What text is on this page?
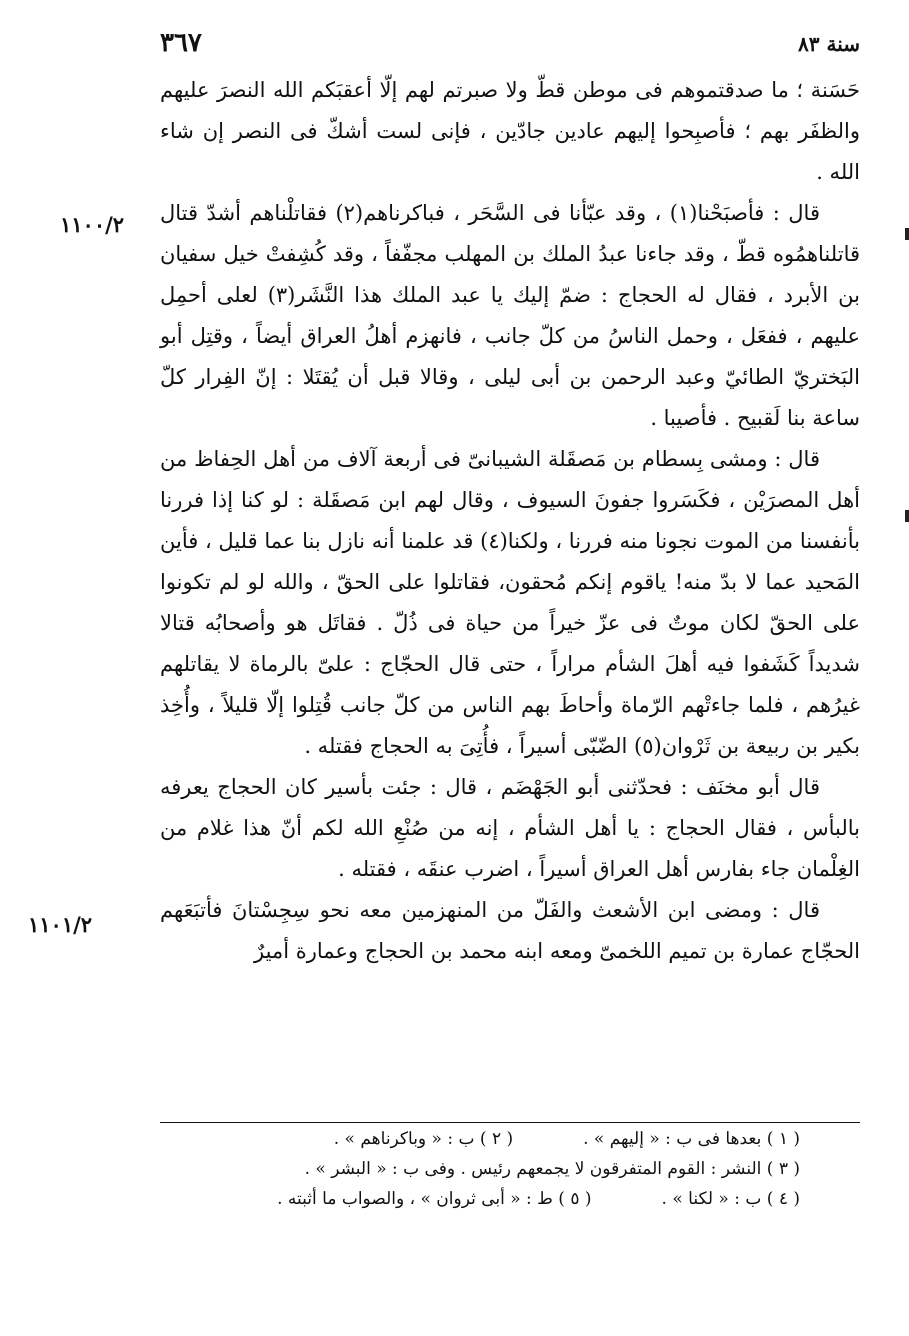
سنة ٨٣
٣٦٧
١١٠٠/٢
١١٠١/٢

حَسَنة ؛ ما صدقتموهم فى موطن قطّ ولا صبرتم لهم إلّا أعقبَكم الله النصرَ عليهم والظفَر بهم ؛ فأصبِحوا إليهم عادين جادّين ، فإنى لست أشكّ فى النصر إن شاء الله .

قال : فأصبَحْنا(١) ، وقد عبّأنا فى السَّحَر ، فباكرناهم(٢) فقاتلْناهم أشدّ قتال قاتلناهمُوه قطّ ، وقد جاءنا عبدُ الملك بن المهلب مجفّفاً ، وقد كُشِفتْ خيل سفيان بن الأبرد ، فقال له الحجاج : ضمّ إليك يا عبد الملك هذا النَّشَر(٣) لعلى أحمِل عليهم ، ففعَل ، وحمل الناسُ من كلّ جانب ، فانهزم أهلُ العراق أيضاً ، وقتِل أبو البَختريّ الطائيّ وعبد الرحمن بن أبى ليلى ، وقالا قبل أن يُقتَلا : إنّ الفِرار كلّ ساعة بنا لَقبيح . فأصيبا .

قال : ومشى بِسطام بن مَصقَلة الشيبانىّ فى أربعة آلاف من أهل الحِفاظ من أهل المصرَيْن ، فكَسَروا جفونَ السيوف ، وقال لهم ابن مَصقَلة : لو كنا إذا فررنا بأنفسنا من الموت نجونا منه فررنا ، ولكنا(٤) قد علمنا أنه نازل بنا عما قليل ، فأين المَحيد عما لا بدّ منه! ياقوم إنكم مُحقون، فقاتلوا على الحقّ ، والله لو لم تكونوا على الحقّ لكان موتٌ فى عزّ خيراً من حياة فى ذُلّ . فقاتَل هو وأصحابُه قتالا شديداً كَشَفوا فيه أهلَ الشأم مراراً ، حتى قال الحجّاج : علىّ بالرماة لا يقاتلهم غيرُهم ، فلما جاءتْهم الرّماة وأحاطَ بهم الناس من كلّ جانب قُتِلوا إلّا قليلاً ، وأُخِذ بكير بن ربيعة بن ثَرْوان(٥) الضّبّى أسيراً ، فأُتِىَ به الحجاج فقتله .

قال أبو مخنَف : فحدّثنى أبو الجَهْضَم ، قال : جئت بأسير كان الحجاج يعرفه بالبأس ، فقال الحجاج : يا أهل الشأم ، إنه من صُنْعِ الله لكم أنّ هذا غلام من الغِلْمان جاء بفارس أهل العراق أسيراً ، اضرب عنقَه ، فقتله .

قال : ومضى ابن الأشعث والفَلّ من المنهزمين معه نحو سِجِسْتانَ فأتبَعَهم الحجّاج عمارة بن تميم اللخمىّ ومعه ابنه محمد بن الحجاج وعمارة أميرٌ

( ١ ) بعدها فى ب : « إليهم » .
( ٢ ) ب : « وباكرناهم » .
( ٣ ) النشر : القوم المتفرقون لا يجمعهم رئيس . وفى ب : « البشر » .
( ٤ ) ب : « لكنا » .
( ٥ ) ط : « أبى ثروان » ، والصواب ما أثبته .
